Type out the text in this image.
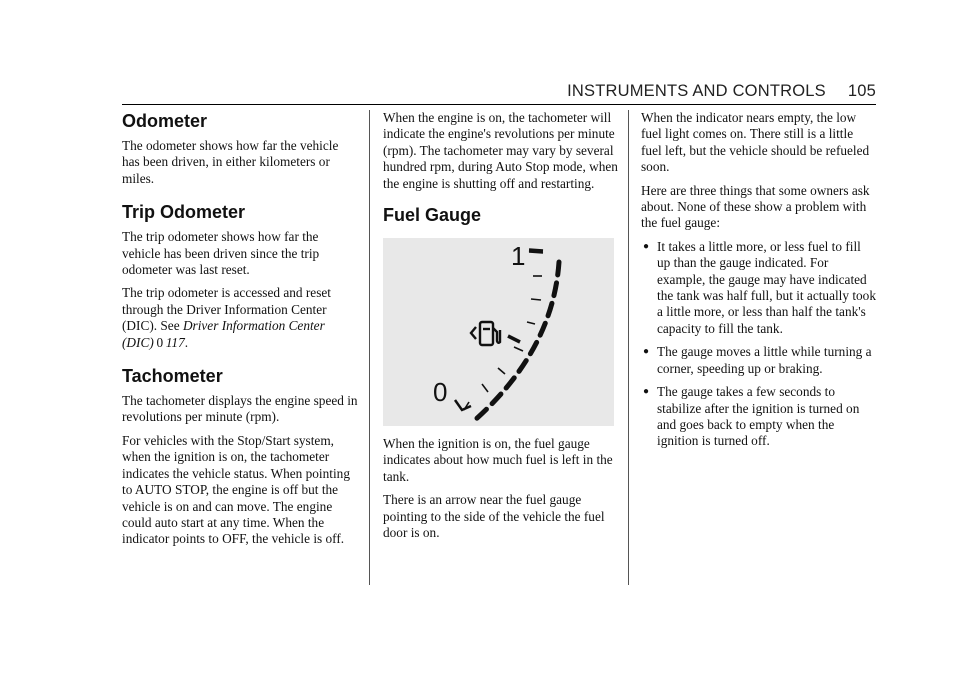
INSTRUMENTS AND CONTROLS 105
Odometer

The odometer shows how far the vehicle has been driven, in either kilometers or miles.

Trip Odometer

The trip odometer shows how far the vehicle has been driven since the trip odometer was last reset.

The trip odometer is accessed and reset through the Driver Information Center (DIC). See Driver Information Center (DIC)  0  117.

Tachometer

The tachometer displays the engine speed in revolutions per minute (rpm).

For vehicles with the Stop/Start system, when the ignition is on, the tachometer indicates the vehicle status. When pointing to AUTO STOP, the engine is off but the vehicle is on and can move. The engine could auto start at any time. When the indicator points to OFF, the vehicle is off.

When the engine is on, the tachometer will indicate the engine's revolutions per minute (rpm). The tachometer may vary by several hundred rpm, during Auto Stop mode, when the engine is shutting off and restarting.

Fuel Gauge
1
0

When the ignition is on, the fuel gauge indicates about how much fuel is left in the tank.

There is an arrow near the fuel gauge pointing to the side of the vehicle the fuel door is on.

When the indicator nears empty, the low fuel light comes on. There still is a little fuel left, but the vehicle should be refueled soon.

Here are three things that some owners ask about. None of these show a problem with the fuel gauge:

● It takes a little more, or less fuel to fill up than the gauge indicated. For example, the gauge may have indicated the tank was half full, but it actually took a little more, or less than half the tank's capacity to fill the tank.
● The gauge moves a little while turning a corner, speeding up or braking.
● The gauge takes a few seconds to stabilize after the ignition is turned on and goes back to empty when the ignition is turned off.
